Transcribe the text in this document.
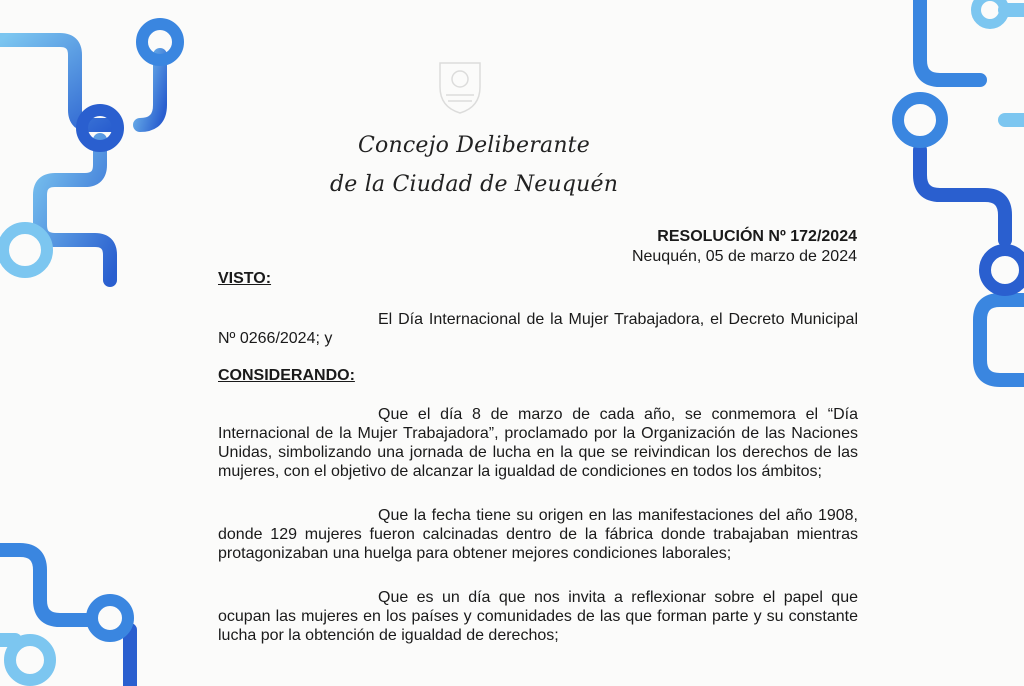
Concejo Deliberante
de la Ciudad de Neuquén
RESOLUCIÓN Nº 172/2024
Neuquén, 05 de marzo de 2024
VISTO:

El Día Internacional de la Mujer Trabajadora, el Decreto Municipal Nº 0266/2024; y

CONSIDERANDO:

Que el día 8 de marzo de cada año, se conmemora el “Día Internacional de la Mujer Trabajadora”, proclamado por la Organización de las Naciones Unidas, simbolizando una jornada de lucha en la que se reivindican los derechos de las mujeres, con el objetivo de alcanzar la igualdad de condiciones en todos los ámbitos;

Que la fecha tiene su origen en las manifestaciones del año 1908, donde 129 mujeres fueron calcinadas dentro de la fábrica donde trabajaban mientras protagonizaban una huelga para obtener mejores condiciones laborales;

Que es un día que nos invita a reflexionar sobre el papel que ocupan las mujeres en los países y comunidades de las que forman parte y su constante lucha por la obtención de igualdad de derechos;
